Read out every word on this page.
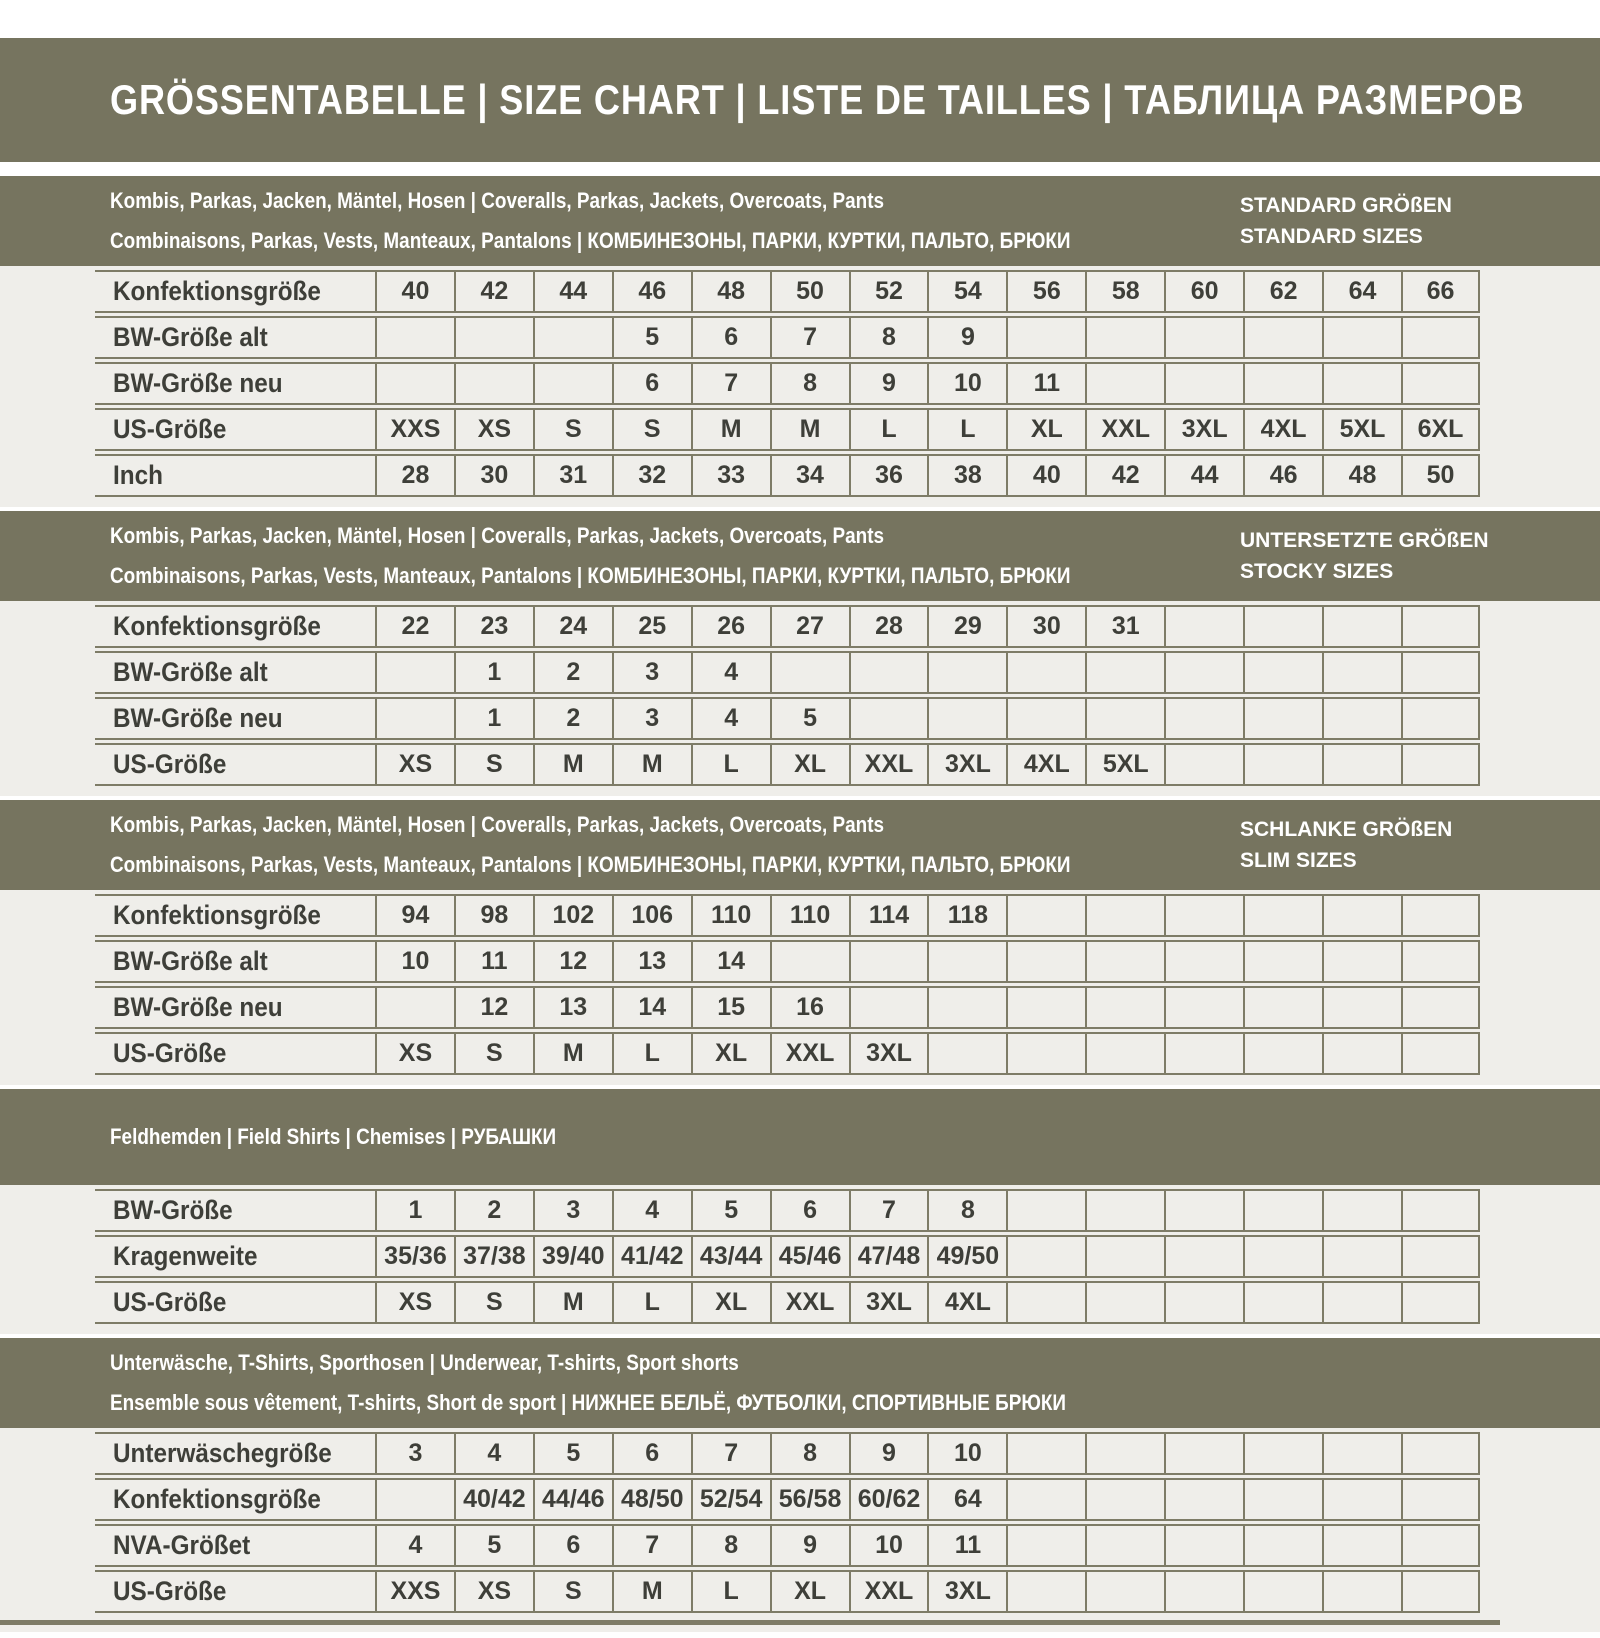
GRÖSSENTABELLE | SIZE CHART | LISTE DE TAILLES | ТАБЛИЦА РАЗМЕРОВ
Kombis, Parkas, Jacken, Mäntel, Hosen | Coveralls, Parkas, Jackets, Overcoats, Pants
Combinaisons, Parkas, Vests, Manteaux, Pantalons | КОМБИНЕЗОНЫ, ПАРКИ, КУРТКИ, ПАЛЬТО, БРЮКИ
STANDARD GRÖßEN
STANDARD SIZES
Konfektionsgröße	40	42	44	46	48	50	52	54	56	58	60	62	64	66
BW-Größe alt				5	6	7	8	9						
BW-Größe neu				6	7	8	9	10	11					
US-Größe	XXS	XS	S	S	M	M	L	L	XL	XXL	3XL	4XL	5XL	6XL
Inch	28	30	31	32	33	34	36	38	40	42	44	46	48	50
Kombis, Parkas, Jacken, Mäntel, Hosen | Coveralls, Parkas, Jackets, Overcoats, Pants
Combinaisons, Parkas, Vests, Manteaux, Pantalons | КОМБИНЕЗОНЫ, ПАРКИ, КУРТКИ, ПАЛЬТО, БРЮКИ
UNTERSETZTE GRÖßEN
STOCKY SIZES
Konfektionsgröße	22	23	24	25	26	27	28	29	30	31				
BW-Größe alt		1	2	3	4									
BW-Größe neu		1	2	3	4	5								
US-Größe	XS	S	M	M	L	XL	XXL	3XL	4XL	5XL				
Kombis, Parkas, Jacken, Mäntel, Hosen | Coveralls, Parkas, Jackets, Overcoats, Pants
Combinaisons, Parkas, Vests, Manteaux, Pantalons | КОМБИНЕЗОНЫ, ПАРКИ, КУРТКИ, ПАЛЬТО, БРЮКИ
SCHLANKE GRÖßEN
SLIM SIZES
Konfektionsgröße	94	98	102	106	110	110	114	118						
BW-Größe alt	10	11	12	13	14									
BW-Größe neu		12	13	14	15	16								
US-Größe	XS	S	M	L	XL	XXL	3XL							
Feldhemden | Field Shirts | Chemises | РУБАШКИ
BW-Größe	1	2	3	4	5	6	7	8						
Kragenweite	35/36	37/38	39/40	41/42	43/44	45/46	47/48	49/50						
US-Größe	XS	S	M	L	XL	XXL	3XL	4XL						
Unterwäsche, T-Shirts, Sporthosen | Underwear, T-shirts, Sport shorts
Ensemble sous vêtement, T-shirts, Short de sport | НИЖНЕЕ БЕЛЬЁ, ФУТБОЛКИ, СПОРТИВНЫЕ БРЮКИ
Unterwäschegröße	3	4	5	6	7	8	9	10						
Konfektionsgröße		40/42	44/46	48/50	52/54	56/58	60/62	64						
NVA-Größet	4	5	6	7	8	9	10	11						
US-Größe	XXS	XS	S	M	L	XL	XXL	3XL						
